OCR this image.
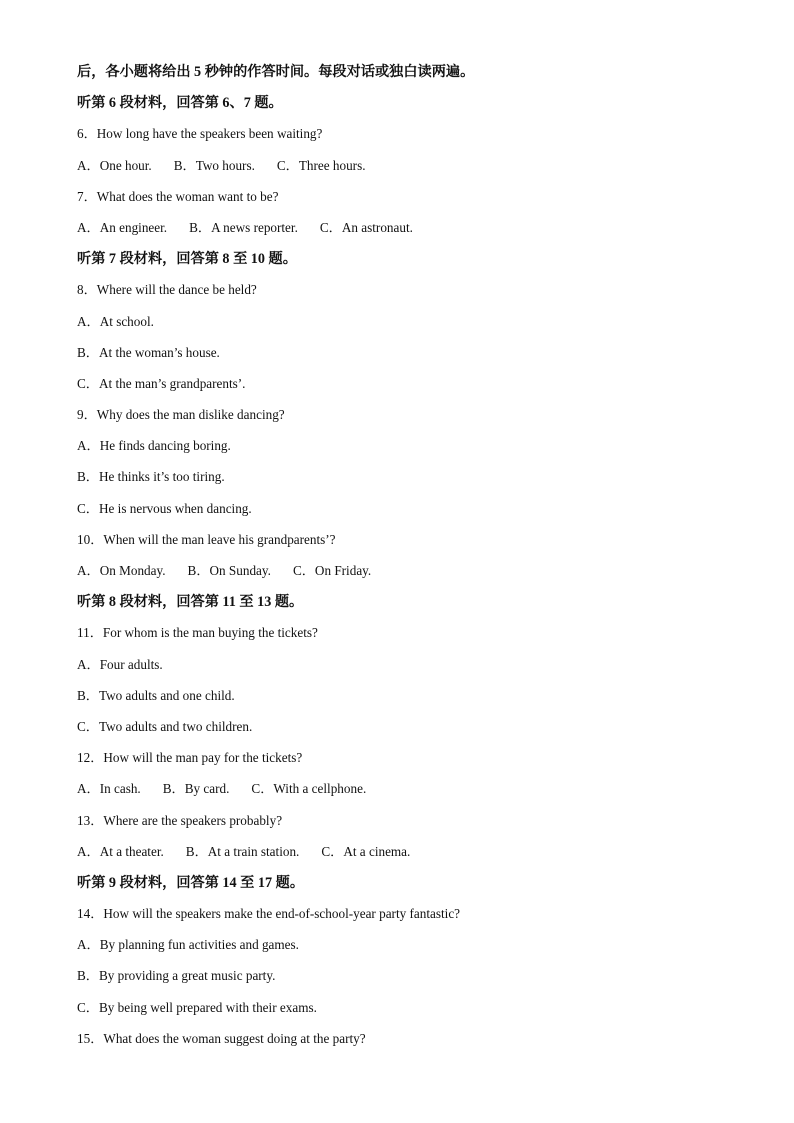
后，各小题将给出 5 秒钟的作答时间。每段对话或独白读两遍。
听第 6 段材料，回答第 6、7 题。
6．How long have the speakers been waiting?
A．One hour. B．Two hours. C．Three hours.
7．What does the woman want to be?
A．An engineer. B．A news reporter. C．An astronaut.
听第 7 段材料，回答第 8 至 10 题。
8．Where will the dance be held?
A．At school.
B．At the woman’s house.
C．At the man’s grandparents’.
9．Why does the man dislike dancing?
A．He finds dancing boring.
B．He thinks it’s too tiring.
C．He is nervous when dancing.
10．When will the man leave his grandparents’?
A．On Monday. B．On Sunday. C．On Friday.
听第 8 段材料，回答第 11 至 13 题。
11．For whom is the man buying the tickets?
A．Four adults.
B．Two adults and one child.
C．Two adults and two children.
12．How will the man pay for the tickets?
A．In cash. B．By card. C．With a cellphone.
13．Where are the speakers probably?
A．At a theater. B．At a train station. C．At a cinema.
听第 9 段材料，回答第 14 至 17 题。
14．How will the speakers make the end-of-school-year party fantastic?
A．By planning fun activities and games.
B．By providing a great music party.
C．By being well prepared with their exams.
15．What does the woman suggest doing at the party?
